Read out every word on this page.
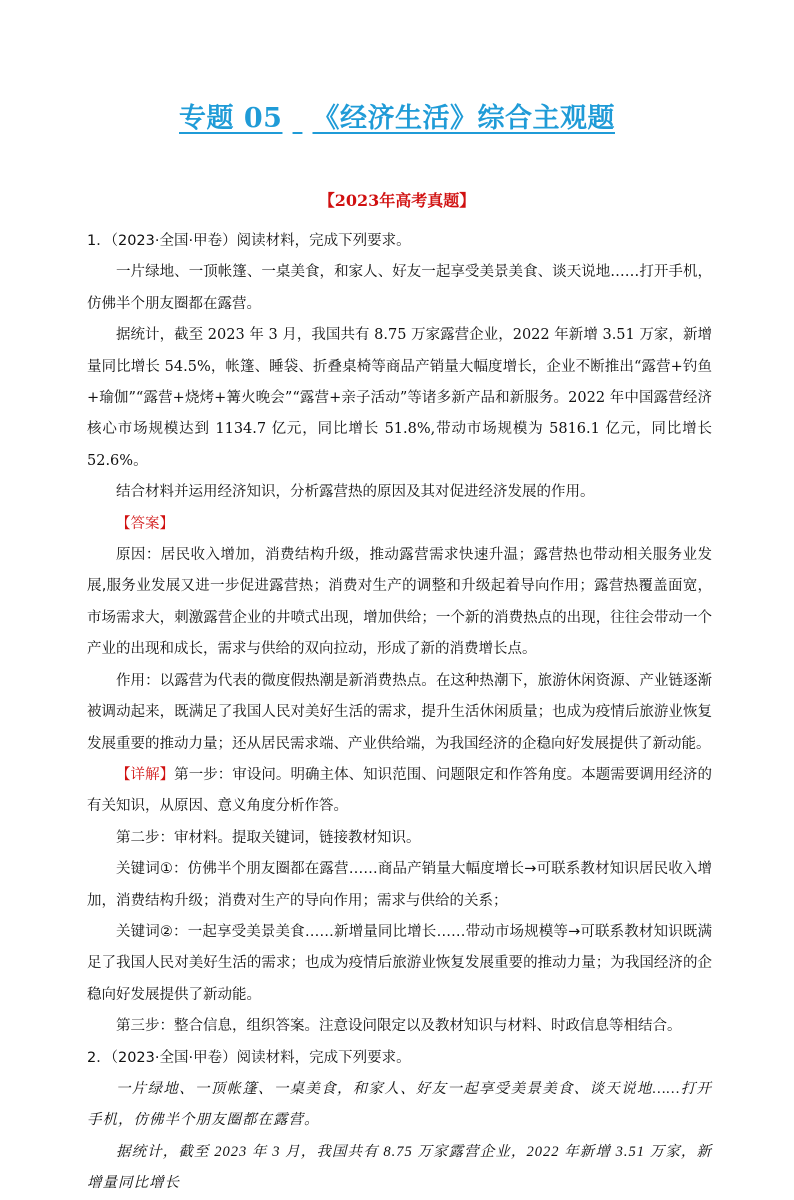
专题 05 《经济生活》综合主观题
【2023年高考真题】

1．（2023·全国·甲卷）阅读材料，完成下列要求。

一片绿地、一顶帐篷、一桌美食，和家人、好友一起享受美景美食、谈天说地……打开手机，仿佛半个朋友圈都在露营。

据统计，截至 2023 年 3 月，我国共有 8.75 万家露营企业，2022 年新增 3.51 万家，新增量同比增长 54.5%，帐篷、睡袋、折叠桌椅等商品产销量大幅度增长，企业不断推出“露营+钓鱼+瑜伽”“露营+烧烤+篝火晚会”“露营+亲子活动”等诸多新产品和新服务。2022 年中国露营经济核心市场规模达到 1134.7 亿元，同比增长 51.8%,带动市场规模为 5816.1 亿元，同比增长 52.6%。

结合材料并运用经济知识，分析露营热的原因及其对促进经济发展的作用。

【答案】

原因：居民收入增加，消费结构升级，推动露营需求快速升温；露营热也带动相关服务业发展,服务业发展又进一步促进露营热；消费对生产的调整和升级起着导向作用；露营热覆盖面宽，市场需求大，刺激露营企业的井喷式出现，增加供给；一个新的消费热点的出现，往往会带动一个产业的出现和成长，需求与供给的双向拉动，形成了新的消费增长点。

作用：以露营为代表的微度假热潮是新消费热点。在这种热潮下，旅游休闲资源、产业链逐渐被调动起来，既满足了我国人民对美好生活的需求，提升生活休闲质量；也成为疫情后旅游业恢复发展重要的推动力量；还从居民需求端、产业供给端，为我国经济的企稳向好发展提供了新动能。

【详解】第一步：审设问。明确主体、知识范围、问题限定和作答角度。本题需要调用经济的有关知识，从原因、意义角度分析作答。

第二步：审材料。提取关键词，链接教材知识。

关键词①：仿佛半个朋友圈都在露营……商品产销量大幅度增长→可联系教材知识居民收入增加，消费结构升级；消费对生产的导向作用；需求与供给的关系；

关键词②：一起享受美景美食……新增量同比增长……带动市场规模等→可联系教材知识既满足了我国人民对美好生活的需求；也成为疫情后旅游业恢复发展重要的推动力量；为我国经济的企稳向好发展提供了新动能。

第三步：整合信息，组织答案。注意设问限定以及教材知识与材料、时政信息等相结合。

2．（2023·全国·甲卷）阅读材料，完成下列要求。

一片绿地、一顶帐篷、一桌美食，和家人、好友一起享受美景美食、谈天说地……打开手机，仿佛半个朋友圈都在露营。

据统计，截至 2023 年 3 月，我国共有 8.75 万家露营企业，2022 年新增 3.51 万家，新增量同比增长
